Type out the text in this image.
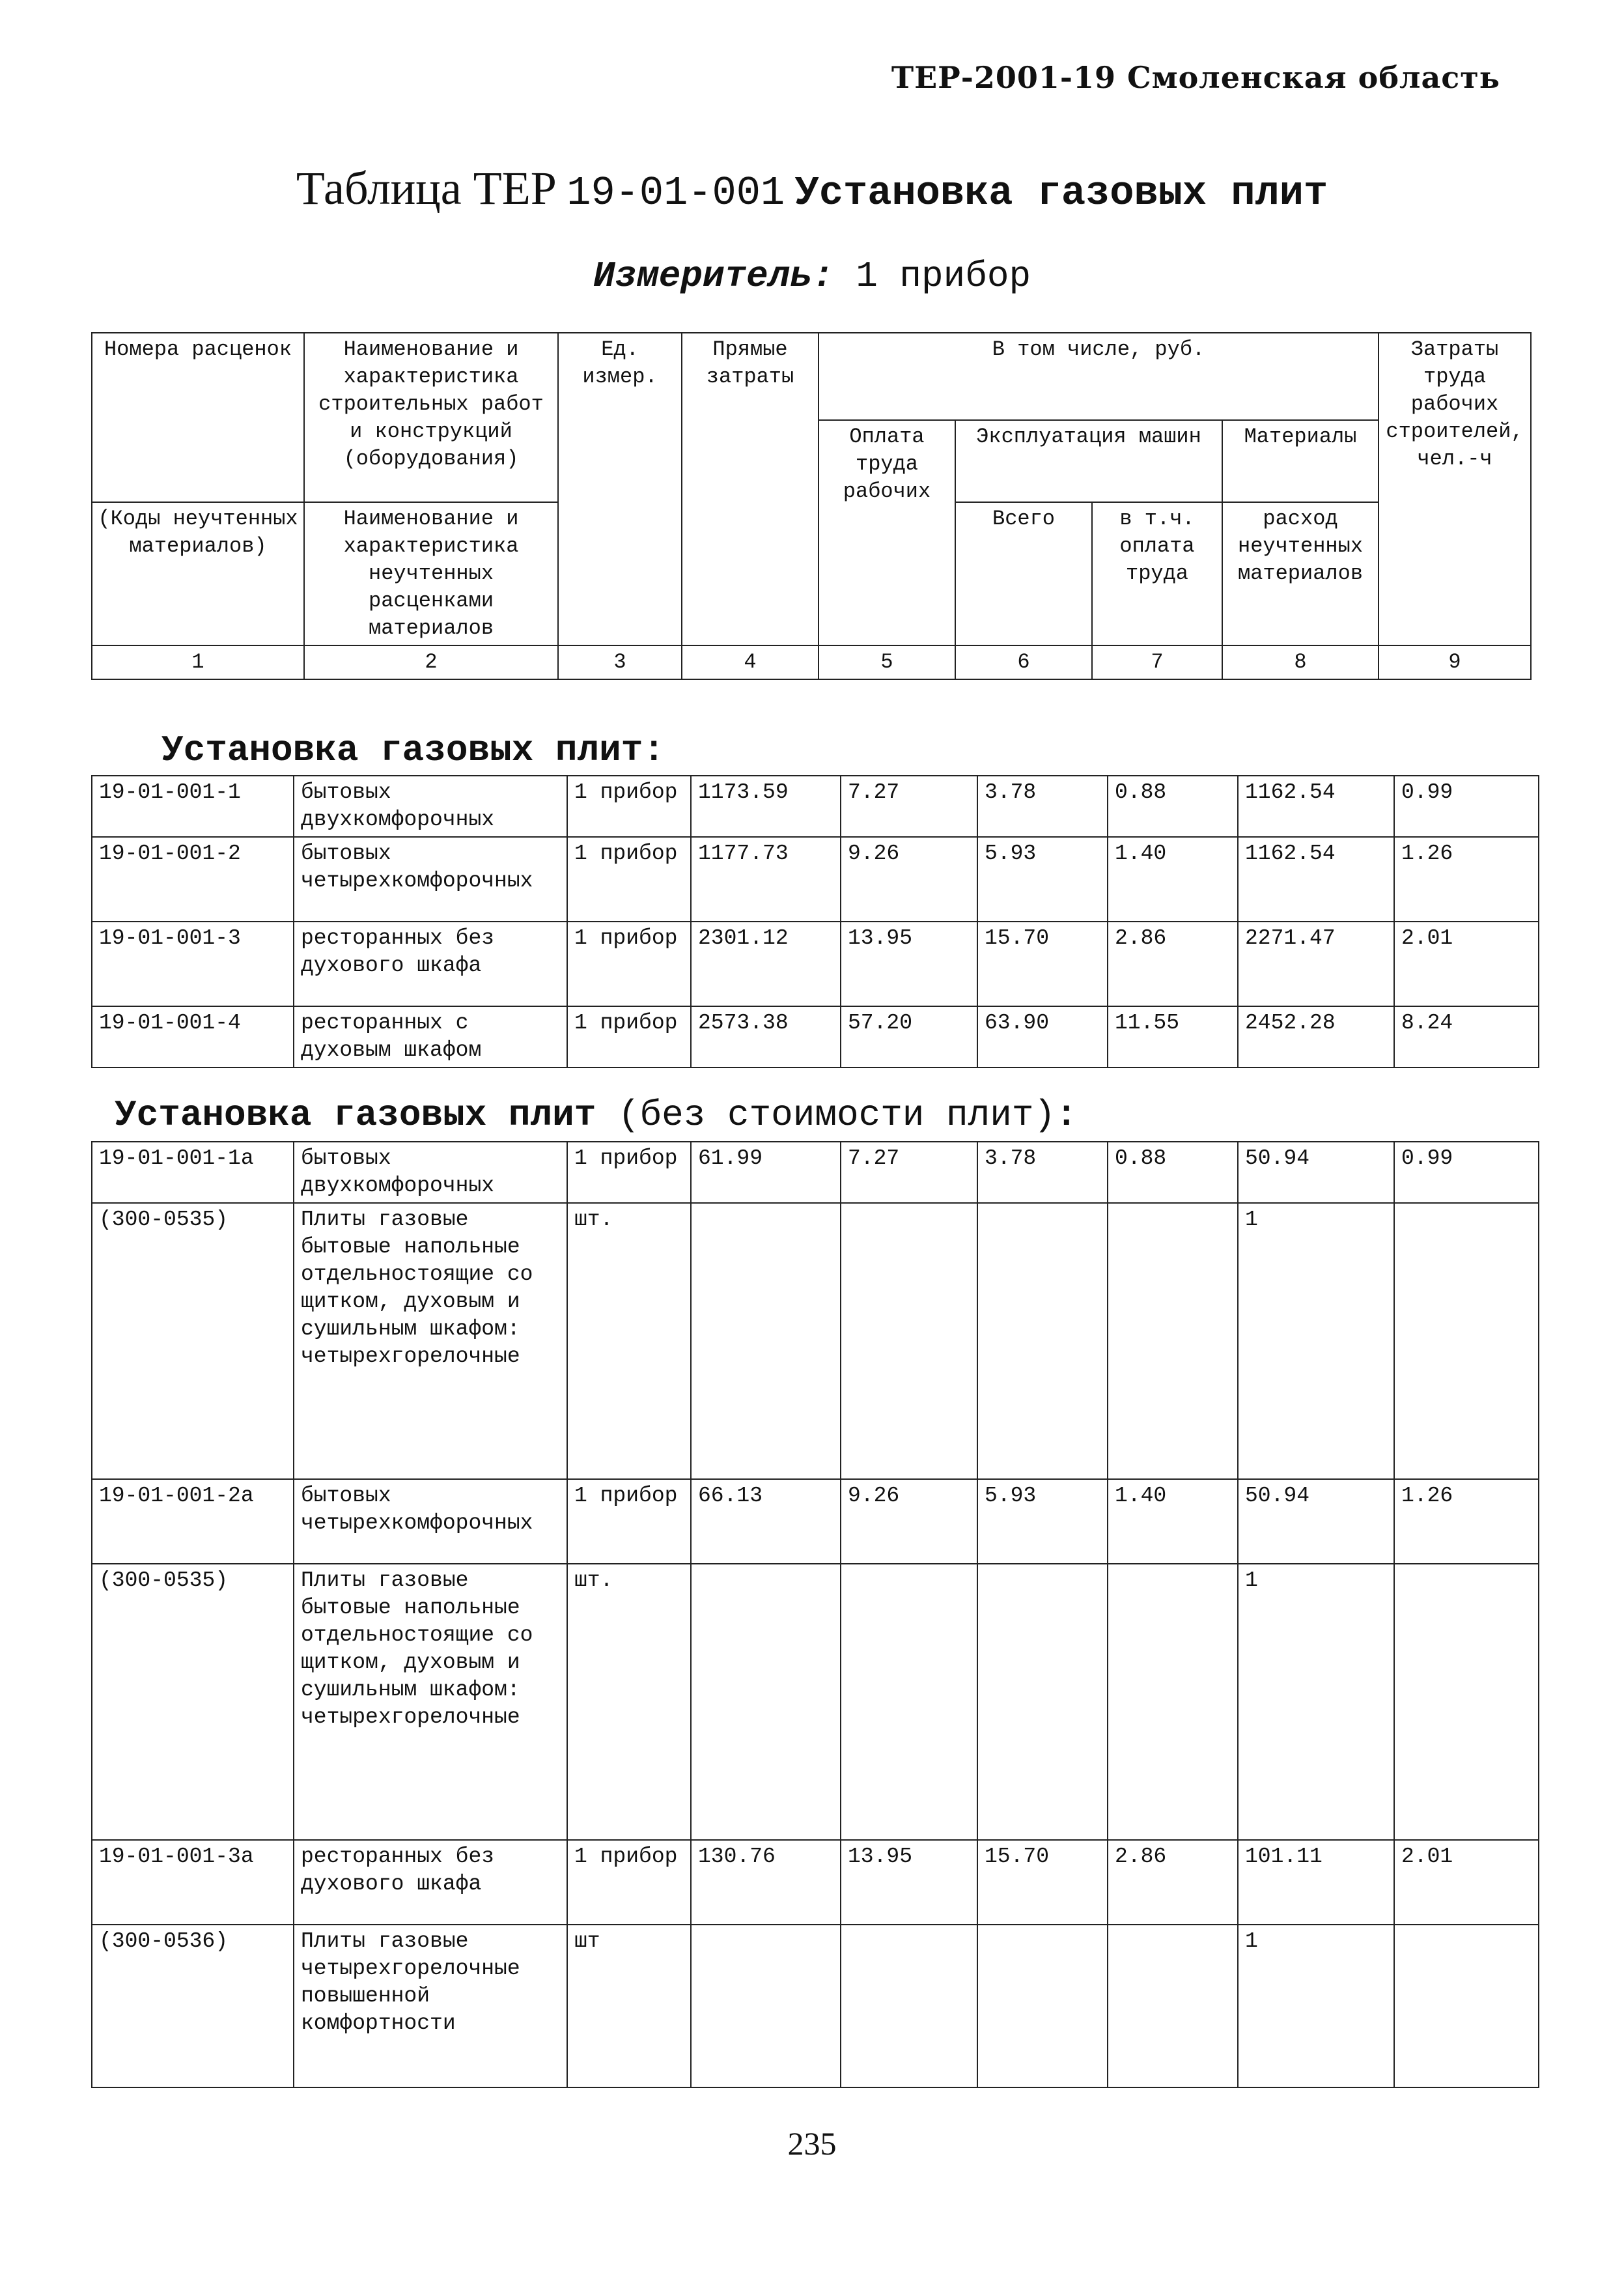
ТЕР-2001-19 Смоленская область
Таблица ТЕР 19-01-001 Установка газовых плит
Измеритель: 1 прибор
Номера расценок	Наименование и характеристика строительных работ и конструкций (оборудования)	Ед. измер.	Прямые затраты	В том числе, руб.				Затраты труда рабочих строителей, чел.-ч
				Оплата труда рабочих	Эксплуатация машин		Материалы	
(Коды неучтенных материалов)	Наименование и характеристика неучтенных расценками материалов				Всего	в т.ч. оплата труда	расход неучтенных материалов	
1	2	3	4	5	6	7	8	9
Установка газовых плит:
19-01-001-1	бытовых двухкомфорочных	1 прибор	1173.59	7.27	3.78	0.88	1162.54	0.99
19-01-001-2	бытовых четырехкомфорочных	1 прибор	1177.73	9.26	5.93	1.40	1162.54	1.26
19-01-001-3	ресторанных без духового шкафа	1 прибор	2301.12	13.95	15.70	2.86	2271.47	2.01
19-01-001-4	ресторанных с духовым шкафом	1 прибор	2573.38	57.20	63.90	11.55	2452.28	8.24
Установка газовых плит (без стоимости плит):
19-01-001-1а	бытовых двухкомфорочных	1 прибор	61.99	7.27	3.78	0.88	50.94	0.99
(300-0535)	Плиты газовые бытовые напольные отдельностоящие со щитком, духовым и сушильным шкафом: четырехгорелочные	шт.					1	
19-01-001-2а	бытовых четырехкомфорочных	1 прибор	66.13	9.26	5.93	1.40	50.94	1.26
(300-0535)	Плиты газовые бытовые напольные отдельностоящие со щитком, духовым и сушильным шкафом: четырехгорелочные	шт.					1	
19-01-001-3а	ресторанных без духового шкафа	1 прибор	130.76	13.95	15.70	2.86	101.11	2.01
(300-0536)	Плиты газовые четырехгорелочные повышенной комфортности	шт					1	
235
